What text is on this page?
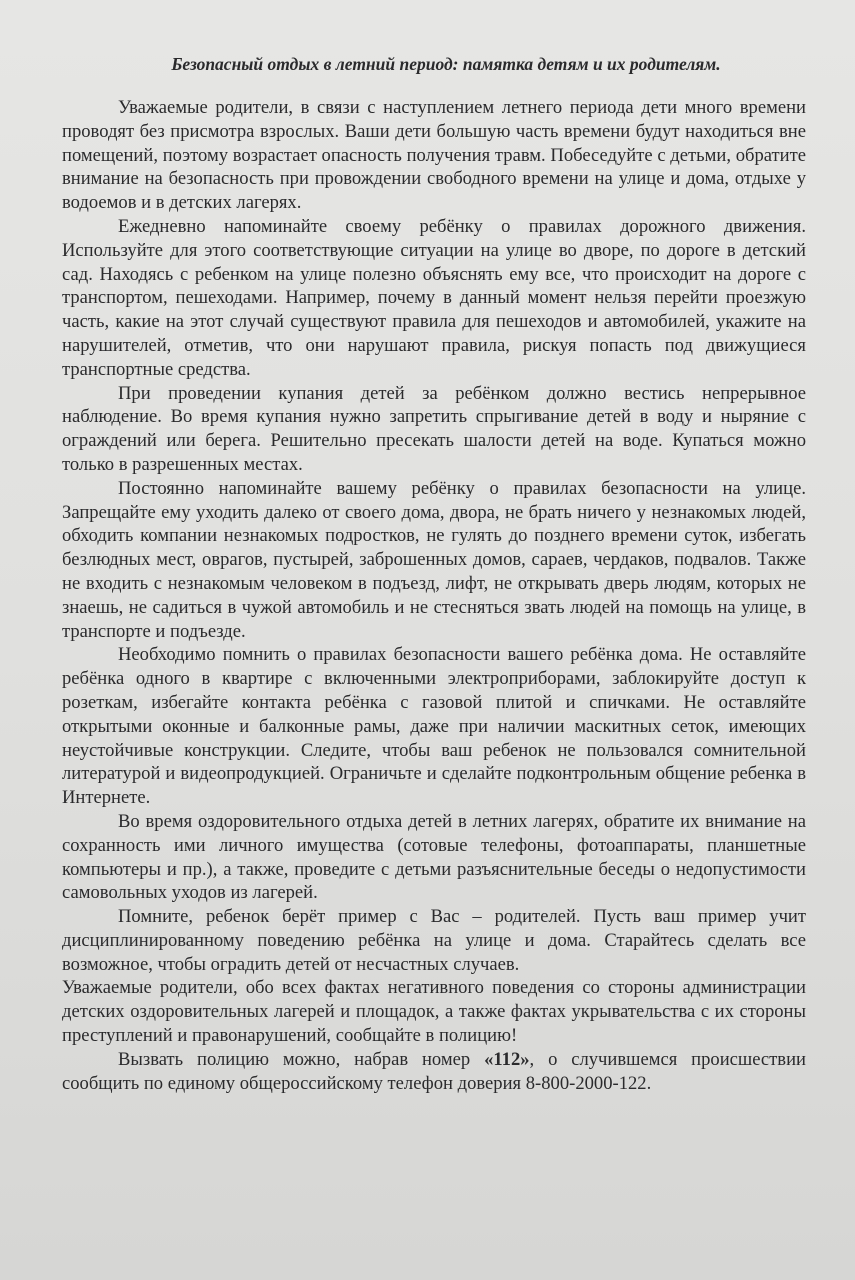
Безопасный отдых в летний период: памятка детям и их родителям.

Уважаемые родители, в связи с наступлением летнего периода дети много времени проводят без присмотра взрослых. Ваши дети большую часть времени будут находиться вне помещений, поэтому возрастает опасность получения травм. Побеседуйте с детьми, обратите внимание на безопасность при провождении свободного времени на улице и дома, отдыхе у водоемов и в детских лагерях.

Ежедневно напоминайте своему ребёнку о правилах дорожного движения. Используйте для этого соответствующие ситуации на улице во дворе, по дороге в детский сад. Находясь с ребенком на улице полезно объяснять ему все, что происходит на дороге с транспортом, пешеходами. Например, почему в данный момент нельзя перейти проезжую часть, какие на этот случай существуют правила для пешеходов и автомобилей, укажите на нарушителей, отметив, что они нарушают правила, рискуя попасть под движущиеся транспортные средства.

При проведении купания детей за ребёнком должно вестись непрерывное наблюдение. Во время купания нужно запретить спрыгивание детей в воду и ныряние с ограждений или берега. Решительно пресекать шалости детей на воде. Купаться можно только в разрешенных местах.

Постоянно напоминайте вашему ребёнку о правилах безопасности на улице. Запрещайте ему уходить далеко от своего дома, двора, не брать ничего у незнакомых людей, обходить компании незнакомых подростков, не гулять до позднего времени суток, избегать безлюдных мест, оврагов, пустырей, заброшенных домов, сараев, чердаков, подвалов. Также не входить с незнакомым человеком в подъезд, лифт, не открывать дверь людям, которых не знаешь, не садиться в чужой автомобиль и не стесняться звать людей на помощь на улице, в транспорте и подъезде.

Необходимо помнить о правилах безопасности вашего ребёнка дома. Не оставляйте ребёнка одного в квартире с включенными электроприборами, заблокируйте доступ к розеткам, избегайте контакта ребёнка с газовой плитой и спичками. Не оставляйте открытыми оконные и балконные рамы, даже при наличии маскитных сеток, имеющих неустойчивые конструкции. Следите, чтобы ваш ребенок не пользовался сомнительной литературой и видеопродукцией. Ограничьте и сделайте подконтрольным общение ребенка в Интернете.

Во время оздоровительного отдыха детей в летних лагерях, обратите их внимание на сохранность ими личного имущества (сотовые телефоны, фотоаппараты, планшетные компьютеры и пр.), а также, проведите с детьми разъяснительные беседы о недопустимости самовольных уходов из лагерей.

Помните, ребенок берёт пример с Вас – родителей. Пусть ваш пример учит дисциплинированному поведению ребёнка на улице и дома. Старайтесь сделать все возможное, чтобы оградить детей от несчастных случаев.

Уважаемые родители, обо всех фактах негативного поведения со стороны администрации детских оздоровительных лагерей и площадок, а также фактах укрывательства с их стороны преступлений и правонарушений, сообщайте в полицию!

Вызвать полицию можно, набрав номер «112», о случившемся происшествии сообщить по единому общероссийскому телефон доверия 8-800-2000-122.
